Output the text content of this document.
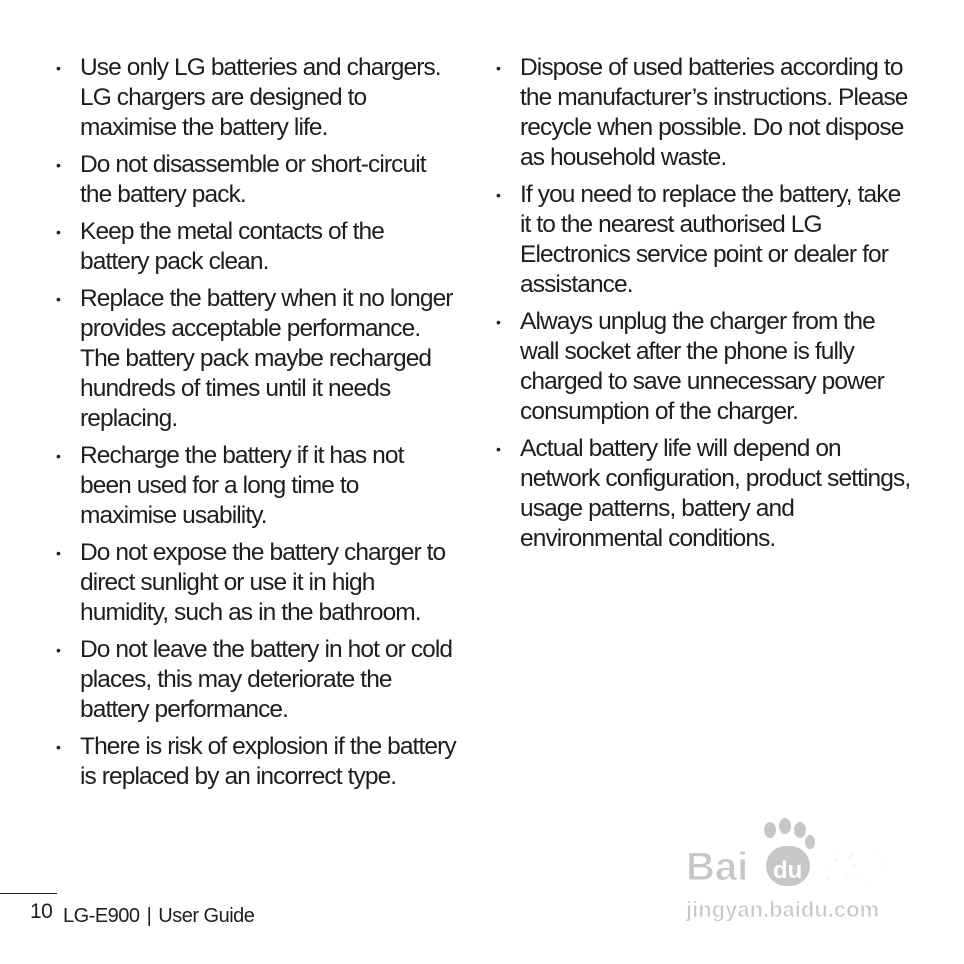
• Use only LG batteries and chargers. LG chargers are designed to maximise the battery life.
• Do not disassemble or short-circuit the battery pack.
• Keep the metal contacts of the battery pack clean.
• Replace the battery when it no longer provides acceptable performance. The battery pack maybe recharged hundreds of times until it needs replacing.
• Recharge the battery if it has not been used for a long time to maximise usability.
• Do not expose the battery charger to direct sunlight or use it in high humidity, such as in the bathroom.
• Do not leave the battery in hot or cold places, this may deteriorate the battery performance.
• There is risk of explosion if the battery is replaced by an incorrect type.
• Dispose of used batteries according to the manufacturer’s instructions. Please recycle when possible. Do not dispose as household waste.
• If you need to replace the battery, take it to the nearest authorised LG Electronics service point or dealer for assistance.
• Always unplug the charger from the wall socket after the phone is fully charged to save unnecessary power consumption of the charger.
• Actual battery life will depend on network configuration, product settings, usage patterns, battery and environmental conditions.
10 LG-E900 | User Guide
Bai du 经验
jingyan.baidu.com
